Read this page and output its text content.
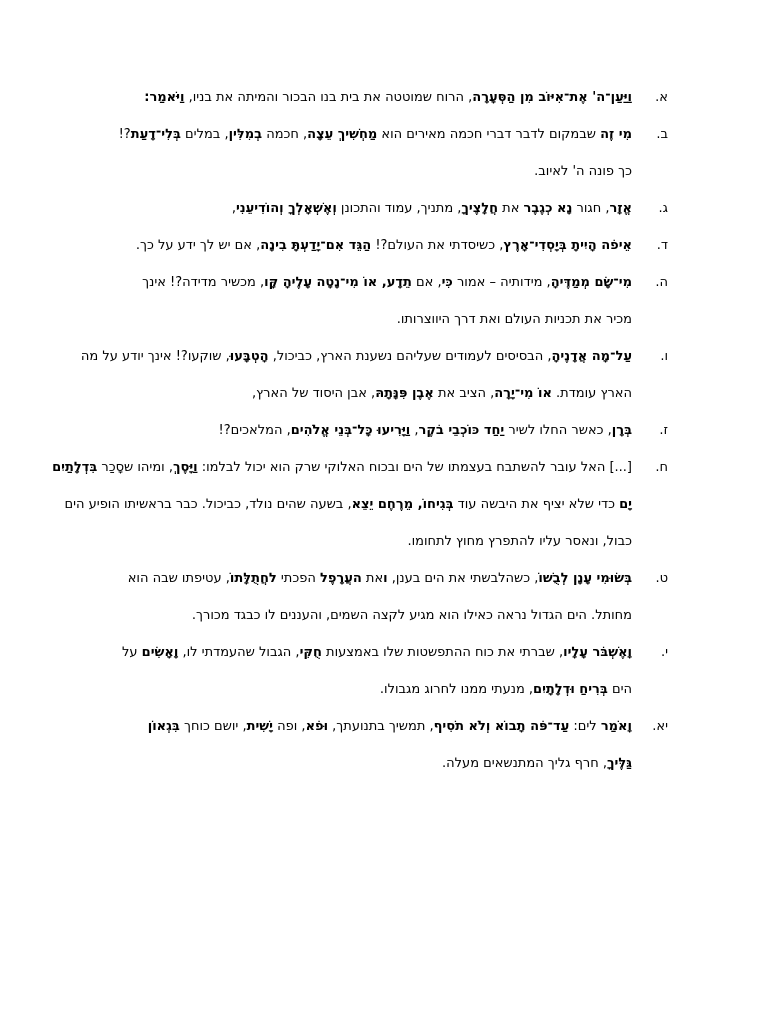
א.

וַיַּעַן־ה' אֶת־אִיּוֹב מִן הַסְּעָרָה, הרוח שמוטטה את בית בנו הבכור והמיתה את בניו, וַיֹּאמַר:

ב.

מִי זֶה שבמקום לדבר דברי חכמה מאירים הוא מַחְשִׁיךְ עֵצָה, חכמה בְמִלִּין, במלים בְּלִי־דָעַת?! כך פונה ה' לאיוב.

ג.

אֱזָר, חגור נָא כְגֶבֶר את חֲלָצֶיךָ, מתניך, עמוד והתכונן וְאֶשְׁאָלְךָ וְהוֹדִיעֵנִי,

ד.

אֵיפֹה הָיִיתָ בְּיָסְדִי־אָרֶץ, כשיסדתי את העולם?! הַגֵּד אִם־יָדַעְתָּ בִינָה, אם יש לך ידע על כך.

ה.

מִי־שָׂם מְמַדֶּיהָ, מידותיה – אמור כִּי, אם תֵדָע, אוֹ מִי־נָטָה עָלֶיהָ קָּו, מכשיר מדידה?! אינך מכיר את תכניות העולם ואת דרך היווצרותו.

ו.

עַל־מָה אֲדָנֶיהָ, הבסיסים לעמודים שעליהם נשענת הארץ, כביכול, הָטְבָּעוּ, שוקעו?! אינך יודע על מה הארץ עומדת. אוֹ מִי־יָרָה, הציב את אֶבֶן פִּנָּתָהּ, אבן היסוד של הארץ,

ז.

בְּרָן, כאשר החלו לשיר יַחַד כּוֹכְבֵי בֹקֶר, וַיָּרִיעוּ כָּל־בְּנֵי אֱלֹהִים, המלאכים?!

ח.

[...] האל עובר להשתבח בעצמתו של הים ובכוח האלוקי שרק הוא יכול לבלמו: וַיָּסֶךְ, ומיהו שסָכַר בִּדְלָתַיִם יָם כדי שלא יציף את היבשה עוד בְּגִיחוֹ, מֵרֶחֶם יֵצֵא, בשעה שהים נולד, כביכול. כבר בראשיתו הופיע הים כבול, ונאסר עליו להתפרץ מחוץ לתחומו.

ט.

בְּשׂוּמִי עָנָן לְבֻשׁוֹ, כשהלבשתי את הים בענן, ואת העֲרָפֶל הפכתי לחֲתֻלָּתוֹ, עטיפתו שבה הוא מחותל. הים הגדול נראה כאילו הוא מגיע לקצה השמים, והעננים לו כבגד מכורך.

י.

וָאֶשְׁבֹּר עָלָיו, שברתי את כוח ההתפשטות שלו באמצעות חֻקִּי, הגבול שהעמדתי לו, וָאָשִׂים על הים בְּרִיחַ וּדְלָתָיִם, מנעתי ממנו לחרוג מגבולו.

יא.

וָאֹמַר לים: עַד־פֹּה תָבוֹא וְלֹא תֹסִיף, תמשיך בתנועתך, וּפֹא, ופה יָשִׁית, יושם כוחך בִּגְאוֹן גַּלֶּיךָ, חרף גליך המתנשאים מעלה.
